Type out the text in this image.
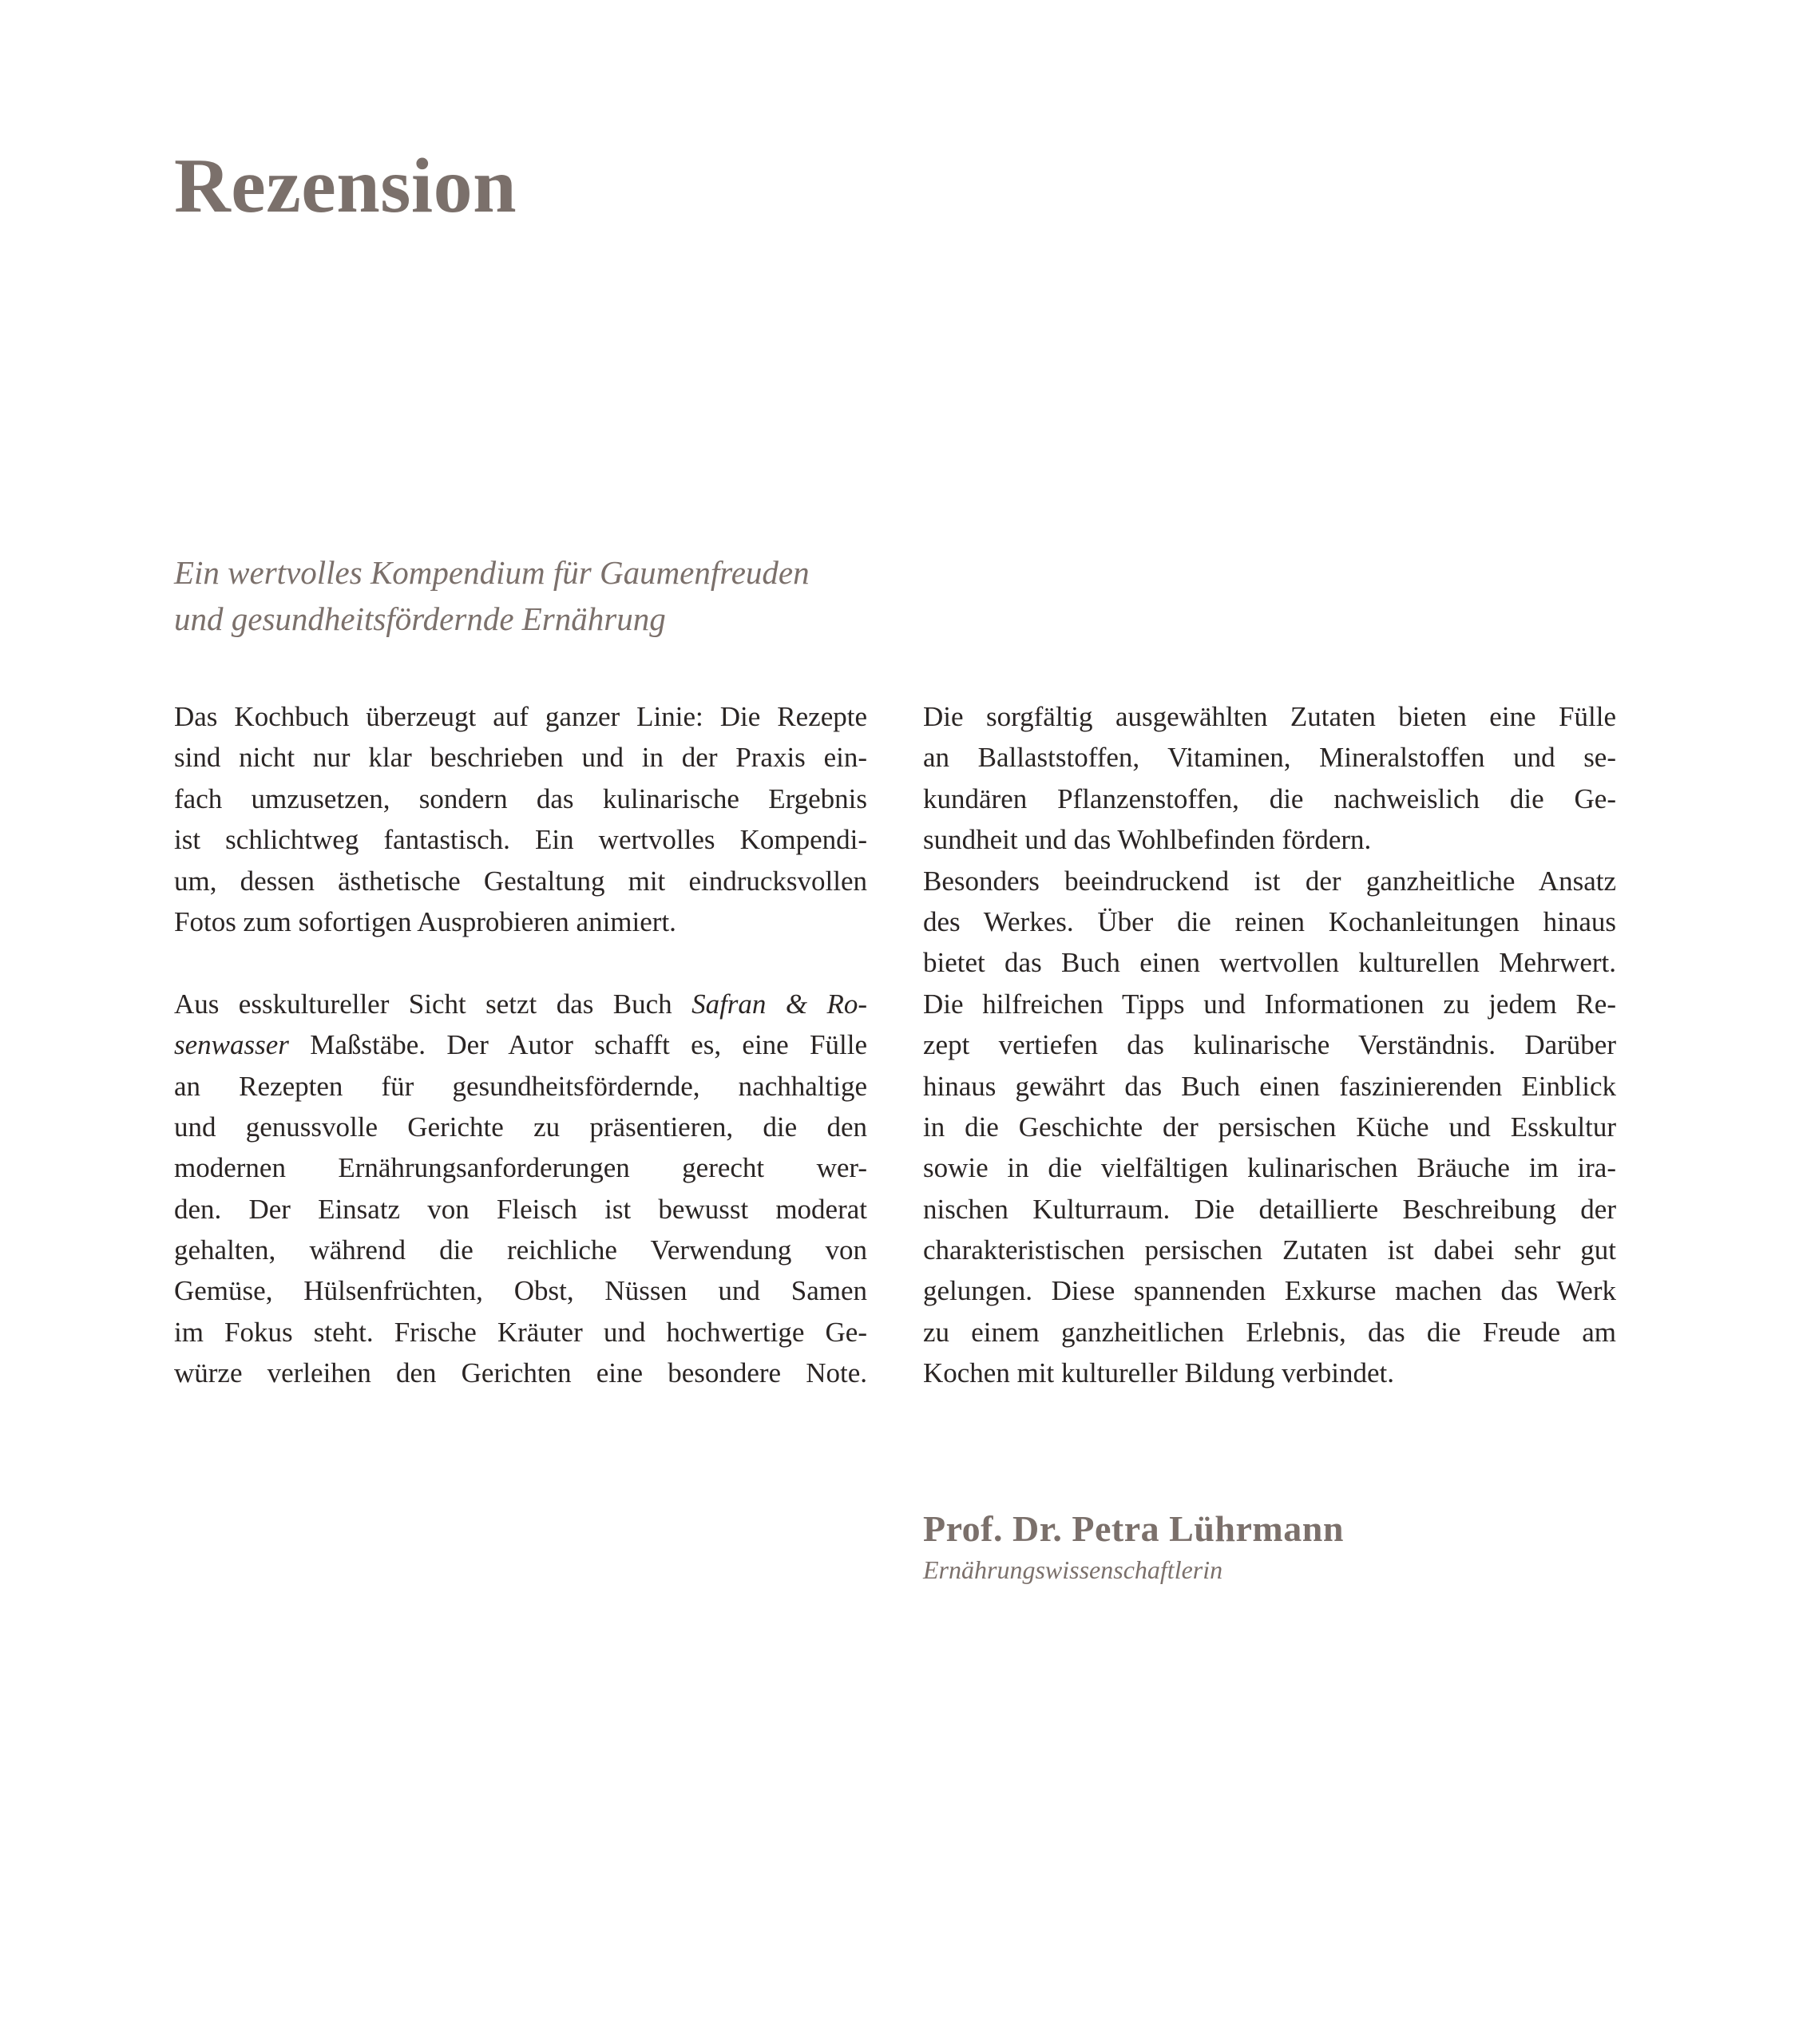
Rezension
Ein wertvolles Kompendium für Gaumenfreuden
und gesundheitsfördernde Ernährung
Das Kochbuch überzeugt auf ganzer Linie: Die Rezepte
sind nicht nur klar beschrieben und in der Praxis ein-
fach umzusetzen, sondern das kulinarische Ergebnis
ist schlichtweg fantastisch. Ein wertvolles Kompendi-
um, dessen ästhetische Gestaltung mit eindrucksvollen
Fotos zum sofortigen Ausprobieren animiert.
Aus esskultureller Sicht setzt das Buch Safran & Ro-
senwasser Maßstäbe. Der Autor schafft es, eine Fülle
an Rezepten für gesundheitsfördernde, nachhaltige
und genussvolle Gerichte zu präsentieren, die den
modernen Ernährungsanforderungen gerecht wer-
den. Der Einsatz von Fleisch ist bewusst moderat
gehalten, während die reichliche Verwendung von
Gemüse, Hülsenfrüchten, Obst, Nüssen und Samen
im Fokus steht. Frische Kräuter und hochwertige Ge-
würze verleihen den Gerichten eine besondere Note.
Die sorgfältig ausgewählten Zutaten bieten eine Fülle
an Ballaststoffen, Vitaminen, Mineralstoffen und se-
kundären Pflanzenstoffen, die nachweislich die Ge-
sundheit und das Wohlbefinden fördern.
Besonders beeindruckend ist der ganzheitliche Ansatz
des Werkes. Über die reinen Kochanleitungen hinaus
bietet das Buch einen wertvollen kulturellen Mehrwert.
Die hilfreichen Tipps und Informationen zu jedem Re-
zept vertiefen das kulinarische Verständnis. Darüber
hinaus gewährt das Buch einen faszinierenden Einblick
in die Geschichte der persischen Küche und Esskultur
sowie in die vielfältigen kulinarischen Bräuche im ira-
nischen Kulturraum. Die detaillierte Beschreibung der
charakteristischen persischen Zutaten ist dabei sehr gut
gelungen. Diese spannenden Exkurse machen das Werk
zu einem ganzheitlichen Erlebnis, das die Freude am
Kochen mit kultureller Bildung verbindet.
Prof. Dr. Petra Lührmann
Ernährungswissenschaftlerin
